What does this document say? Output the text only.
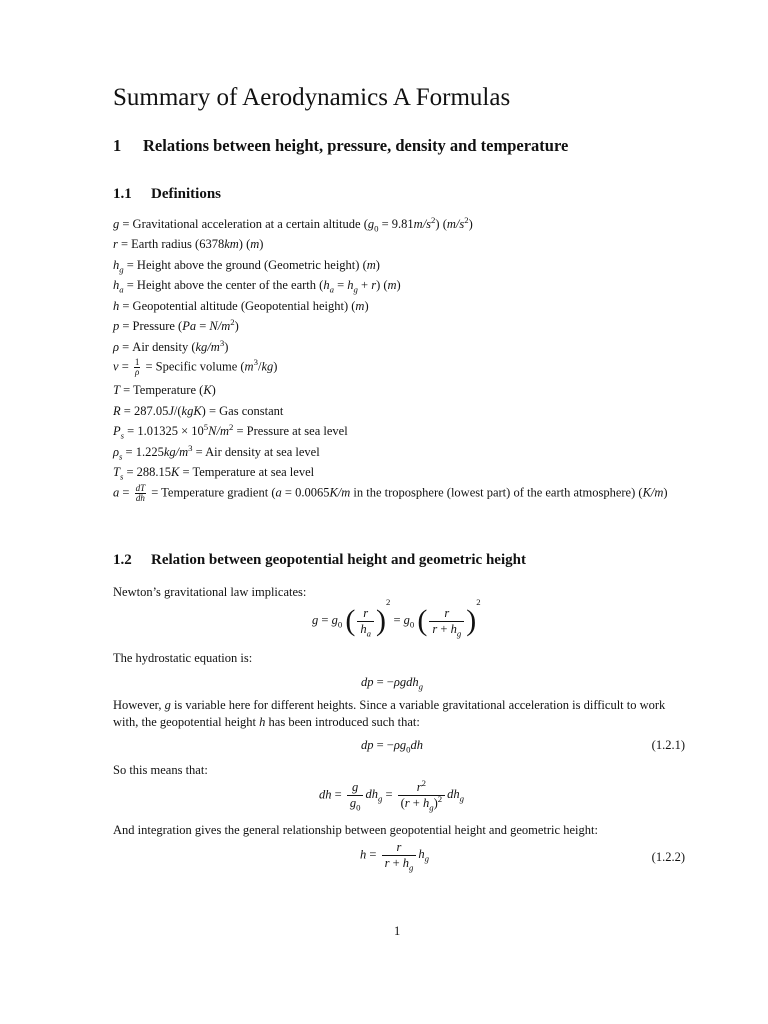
Summary of Aerodynamics A Formulas
1 Relations between height, pressure, density and temperature
1.1 Definitions
g = Gravitational acceleration at a certain altitude $(g_0 = 9.81m/s^2)$ $(m/s^2)$
r = Earth radius (6378km) (m)
$h_g$ = Height above the ground (Geometric height) (m)
$h_a$ = Height above the center of the earth $(h_a = h_g + r)$ (m)
h = Geopotential altitude (Geopotential height) (m)
p = Pressure $(Pa = N/m^2)$
ρ = Air density $(kg/m^3)$
$\nu = \frac{1}{\rho}$ = Specific volume $(m^3/kg)$
T = Temperature (K)
R = 287.05J/(kgK) = Gas constant
$P_s = 1.01325 \times 10^5N/m^2$ = Pressure at sea level
$\rho_s = 1.225kg/m^3$ = Air density at sea level
$T_s = 288.15K$ = Temperature at sea level
$a = \frac{dT}{dh}$ = Temperature gradient (a = 0.0065K/m in the troposphere (lowest part) of the earth atmosphere) (K/m)
1.2 Relation between geopotential height and geometric height
Newton’s gravitational law implicates:
$g = g_0$ ( $\frac{r}{h_a} )^2 = g_0$ ( $\frac{r}{r + h_g} )^2$
The hydrostatic equation is:
dp = −ρgdh$_g$
However, g is variable here for different heights. Since a variable gravitational acceleration is difficult to work with, the geopotential height h has been introduced such that:
dp = $-\rho g_0dh$	(1.2.1)
So this means that:
dh = $\frac{g}{g_0} dh_g = \frac{r^2}{(r + h_g)^2} dh_g$
And integration gives the general relationship between geopotential height and geometric height:
$h = \frac{r}{r + h_g} h_g$	(1.2.2)
1
